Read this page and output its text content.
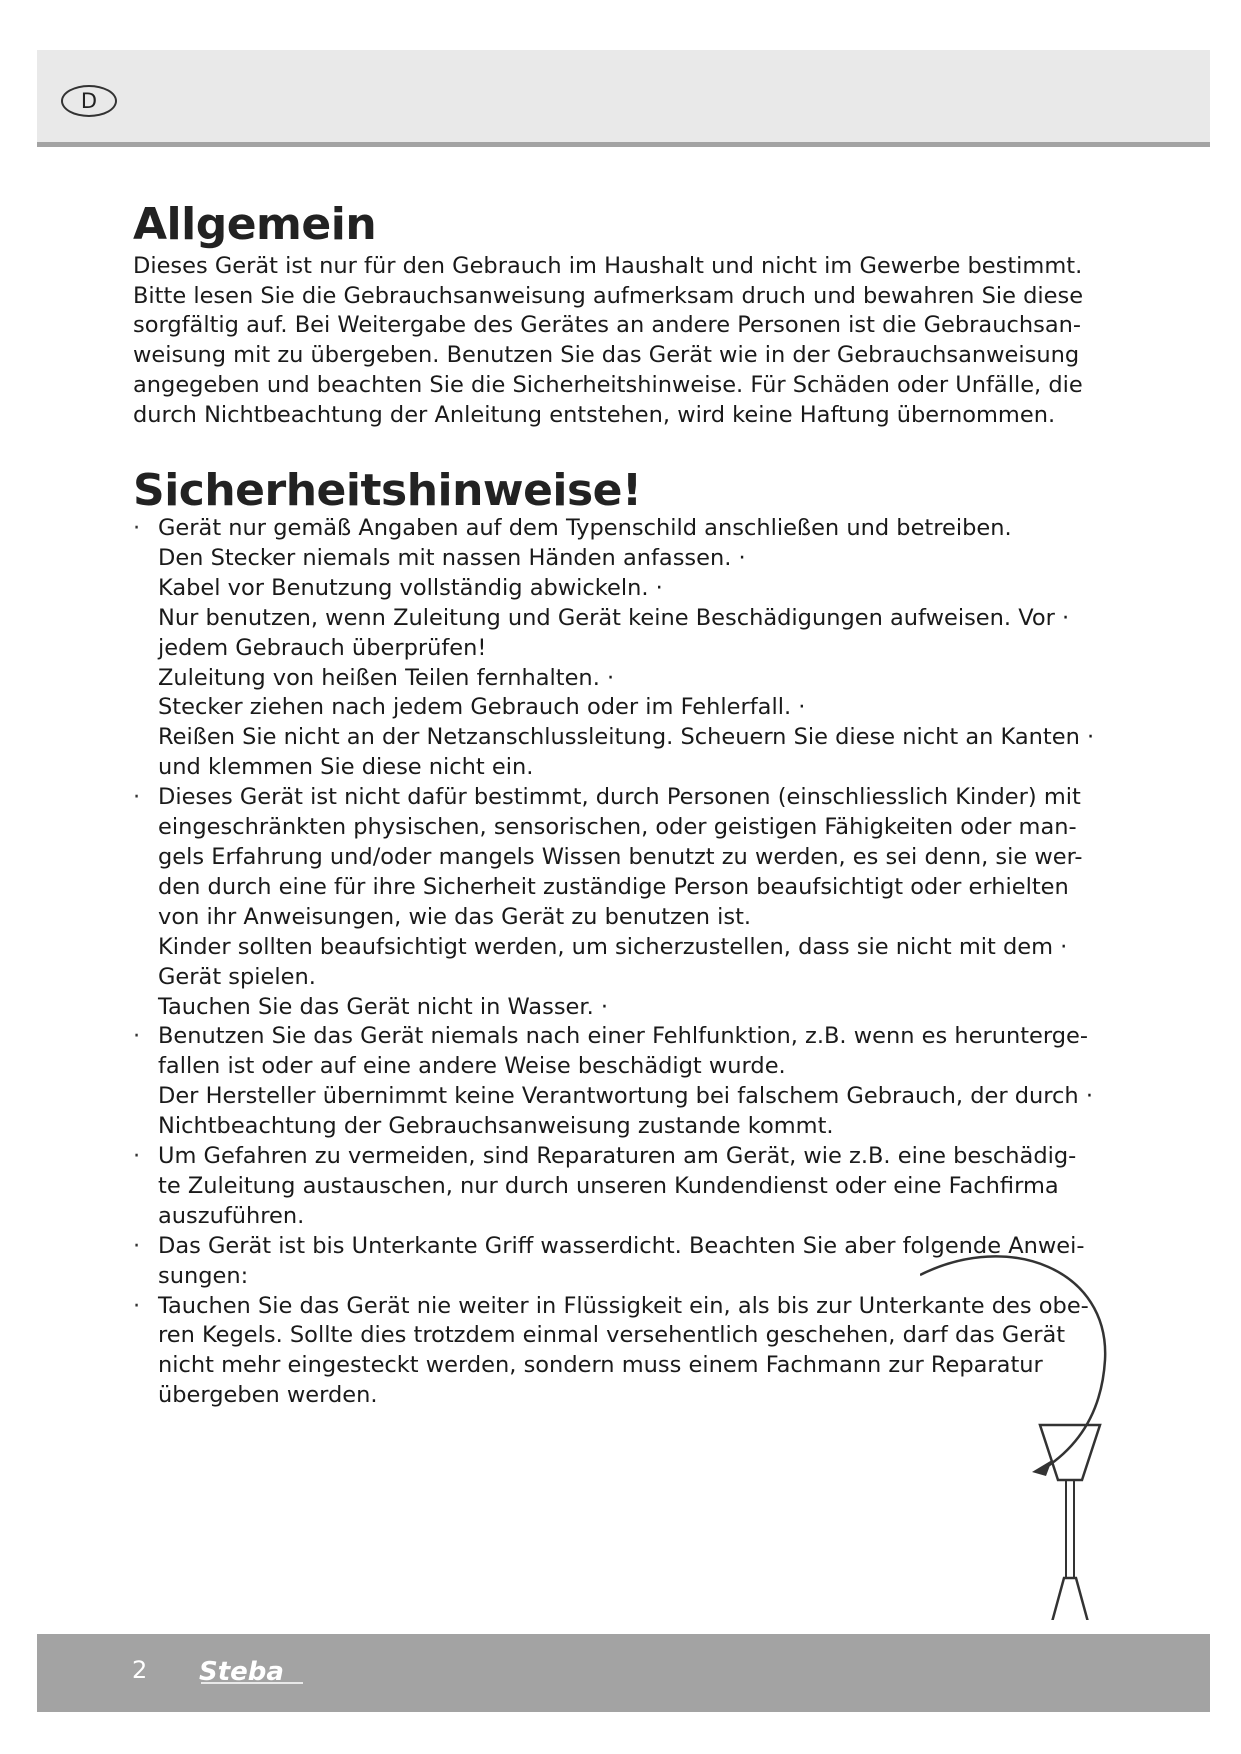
D
Allgemein

Dieses Gerät ist nur für den Gebrauch im Haushalt und nicht im Gewerbe bestimmt.
Bitte lesen Sie die Gebrauchsanweisung aufmerksam druch und bewahren Sie diese
sorgfältig auf. Bei Weitergabe des Gerätes an andere Personen ist die Gebrauchsan-
weisung mit zu übergeben. Benutzen Sie das Gerät wie in der Gebrauchsanweisung
angegeben und beachten Sie die Sicherheitshinweise. Für Schäden oder Unfälle, die
durch Nichtbeachtung der Anleitung entstehen, wird keine Haftung übernommen.

Sicherheitshinweise!
· Gerät nur gemäß Angaben auf dem Typenschild anschließen und betreiben.
Den Stecker niemals mit nassen Händen anfassen. ·
Kabel vor Benutzung vollständig abwickeln. ·
Nur benutzen, wenn Zuleitung und Gerät keine Beschädigungen aufweisen. Vor ·
jedem Gebrauch überprüfen!
Zuleitung von heißen Teilen fernhalten. ·
Stecker ziehen nach jedem Gebrauch oder im Fehlerfall. ·
Reißen Sie nicht an der Netzanschlussleitung. Scheuern Sie diese nicht an Kanten ·
und klemmen Sie diese nicht ein.
· Dieses Gerät ist nicht dafür bestimmt, durch Personen (einschliesslich Kinder) mit
eingeschränkten physischen, sensorischen, oder geistigen Fähigkeiten oder man-
gels Erfahrung und/oder mangels Wissen benutzt zu werden, es sei denn, sie wer-
den durch eine für ihre Sicherheit zuständige Person beaufsichtigt oder erhielten
von ihr Anweisungen, wie das Gerät zu benutzen ist.
Kinder sollten beaufsichtigt werden, um sicherzustellen, dass sie nicht mit dem ·
Gerät spielen.
Tauchen Sie das Gerät nicht in Wasser. ·
· Benutzen Sie das Gerät niemals nach einer Fehlfunktion, z.B. wenn es herunterge-
fallen ist oder auf eine andere Weise beschädigt wurde.
Der Hersteller übernimmt keine Verantwortung bei falschem Gebrauch, der durch ·
Nichtbeachtung der Gebrauchsanweisung zustande kommt.
· Um Gefahren zu vermeiden, sind Reparaturen am Gerät, wie z.B. eine beschädig-
te Zuleitung austauschen, nur durch unseren Kundendienst oder eine Fachfirma
auszuführen.
· Das Gerät ist bis Unterkante Griff wasserdicht. Beachten Sie aber folgende Anwei-
sungen:
· Tauchen Sie das Gerät nie weiter in Flüssigkeit ein, als bis zur Unterkante des obe-
ren Kegels. Sollte dies trotzdem einmal versehentlich geschehen, darf das Gerät
nicht mehr eingesteckt werden, sondern muss einem Fachmann zur Reparatur
übergeben werden.
2 Steba
